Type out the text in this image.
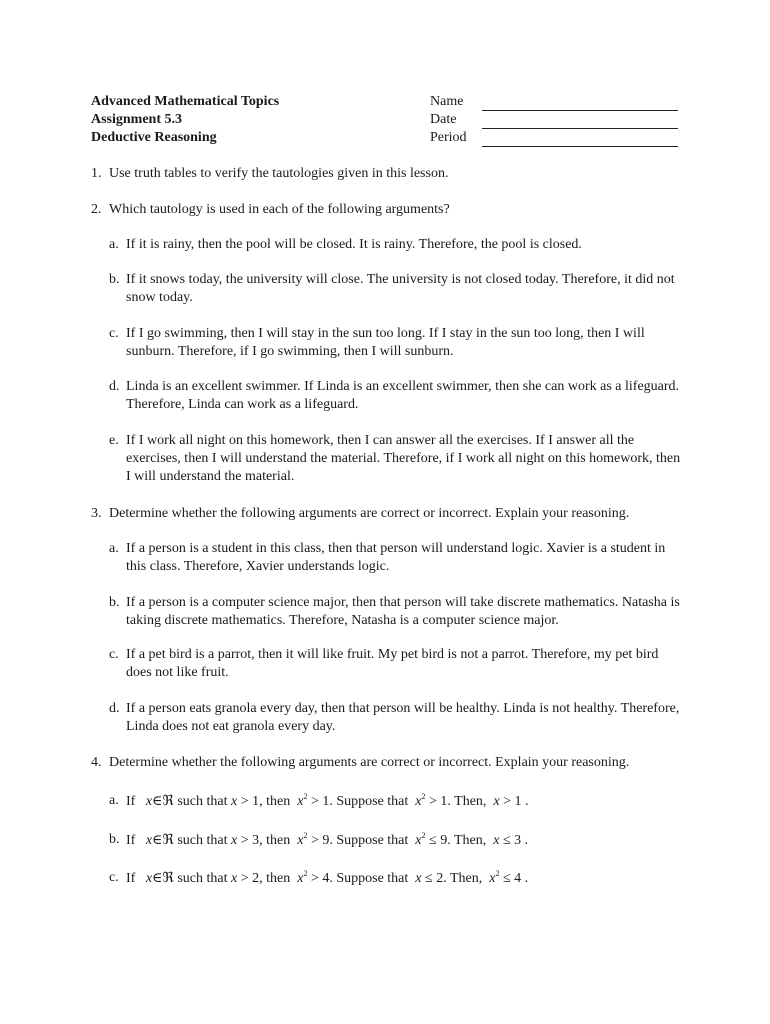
Advanced Mathematical Topics
Assignment 5.3
Deductive Reasoning
Name
Date
Period
1. Use truth tables to verify the tautologies given in this lesson.
2. Which tautology is used in each of the following arguments?
a. If it is rainy, then the pool will be closed. It is rainy. Therefore, the pool is closed.
b. If it snows today, the university will close. The university is not closed today. Therefore, it did not snow today.
c. If I go swimming, then I will stay in the sun too long. If I stay in the sun too long, then I will sunburn. Therefore, if I go swimming, then I will sunburn.
d. Linda is an excellent swimmer. If Linda is an excellent swimmer, then she can work as a lifeguard. Therefore, Linda can work as a lifeguard.
e. If I work all night on this homework, then I can answer all the exercises. If I answer all the exercises, then I will understand the material. Therefore, if I work all night on this homework, then I will understand the material.
3. Determine whether the following arguments are correct or incorrect. Explain your reasoning.
a. If a person is a student in this class, then that person will understand logic. Xavier is a student in this class. Therefore, Xavier understands logic.
b. If a person is a computer science major, then that person will take discrete mathematics. Natasha is taking discrete mathematics. Therefore, Natasha is a computer science major.
c. If a pet bird is a parrot, then it will like fruit. My pet bird is not a parrot. Therefore, my pet bird does not like fruit.
d. If a person eats granola every day, then that person will be healthy. Linda is not healthy. Therefore, Linda does not eat granola every day.
4. Determine whether the following arguments are correct or incorrect. Explain your reasoning.
a. If x∈ℜ such that x > 1, then $x^2 > 1$. Suppose that $x^2 > 1$. Then, x > 1 .
b. If x∈ℜ such that x > 3, then $x^2 > 9$. Suppose that $x^2 \le 9$. Then, x ≤ 3 .
c. If x∈ℜ such that x > 2, then $x^2 > 4$. Suppose that x ≤ 2. Then, $x^2 \le 4$ .
